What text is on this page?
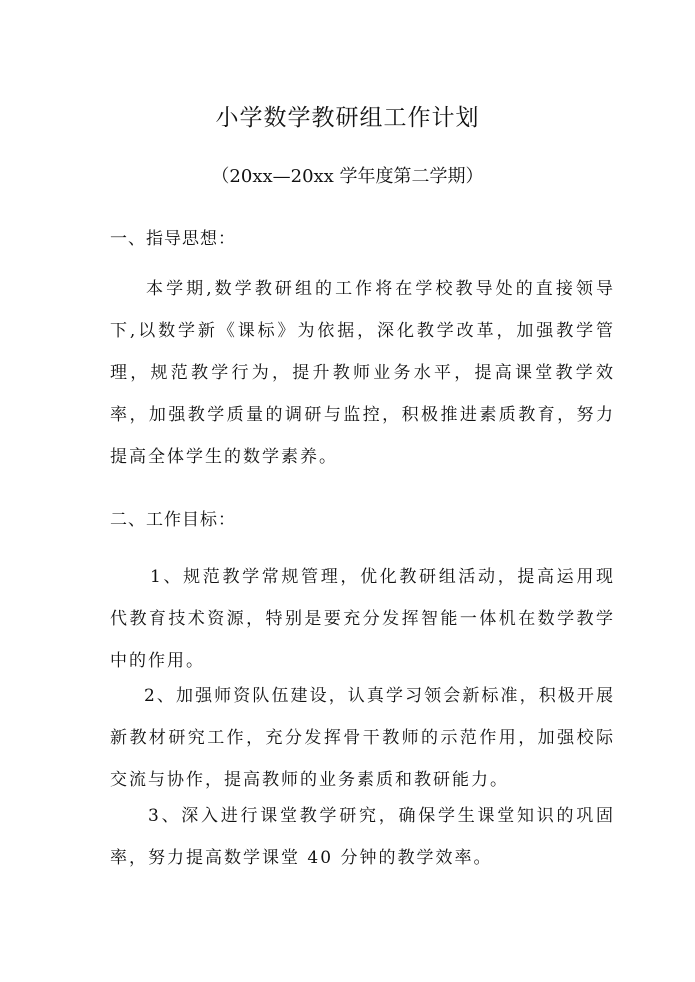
小学数学教研组工作计划
（20xx—20xx 学年度第二学期）
一、指导思想：
本学期,数学教研组的工作将在学校教导处的直接领导下,以数学新《课标》为依据，深化教学改革，加强教学管理，规范教学行为，提升教师业务水平，提高课堂教学效率，加强教学质量的调研与监控，积极推进素质教育，努力提高全体学生的数学素养。
二、工作目标：
1、规范教学常规管理，优化教研组活动，提高运用现代教育技术资源，特别是要充分发挥智能一体机在数学教学中的作用。
2、加强师资队伍建设，认真学习领会新标准，积极开展新教材研究工作，充分发挥骨干教师的示范作用，加强校际交流与协作，提高教师的业务素质和教研能力。
3、深入进行课堂教学研究，确保学生课堂知识的巩固率，努力提高数学课堂 40 分钟的教学效率。
